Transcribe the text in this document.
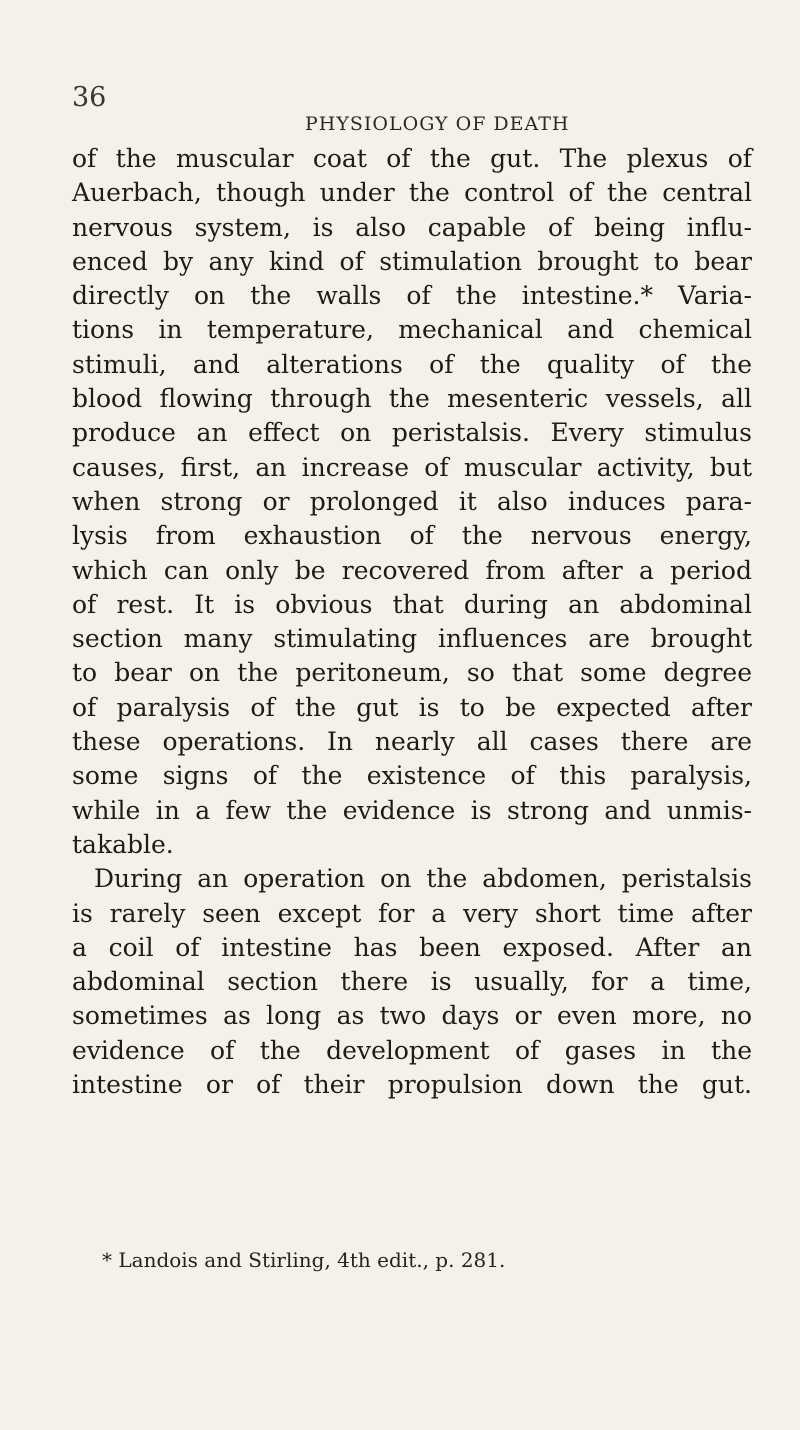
36
PHYSIOLOGY OF DEATH
of the muscular coat of the gut. The plexus of
Auerbach, though under the control of the central
nervous system, is also capable of being influ-
enced by any kind of stimulation brought to bear
directly on the walls of the intestine.* Varia-
tions in temperature, mechanical and chemical
stimuli, and alterations of the quality of the
blood flowing through the mesenteric vessels, all
produce an effect on peristalsis. Every stimulus
causes, first, an increase of muscular activity, but
when strong or prolonged it also induces para-
lysis from exhaustion of the nervous energy,
which can only be recovered from after a period
of rest. It is obvious that during an abdominal
section many stimulating influences are brought
to bear on the peritoneum, so that some degree
of paralysis of the gut is to be expected after
these operations. In nearly all cases there are
some signs of the existence of this paralysis,
while in a few the evidence is strong and unmis-
takable.
During an operation on the abdomen, peristalsis
is rarely seen except for a very short time after
a coil of intestine has been exposed. After an
abdominal section there is usually, for a time,
sometimes as long as two days or even more, no
evidence of the development of gases in the
intestine or of their propulsion down the gut.
* Landois and Stirling, 4th edit., p. 281.
